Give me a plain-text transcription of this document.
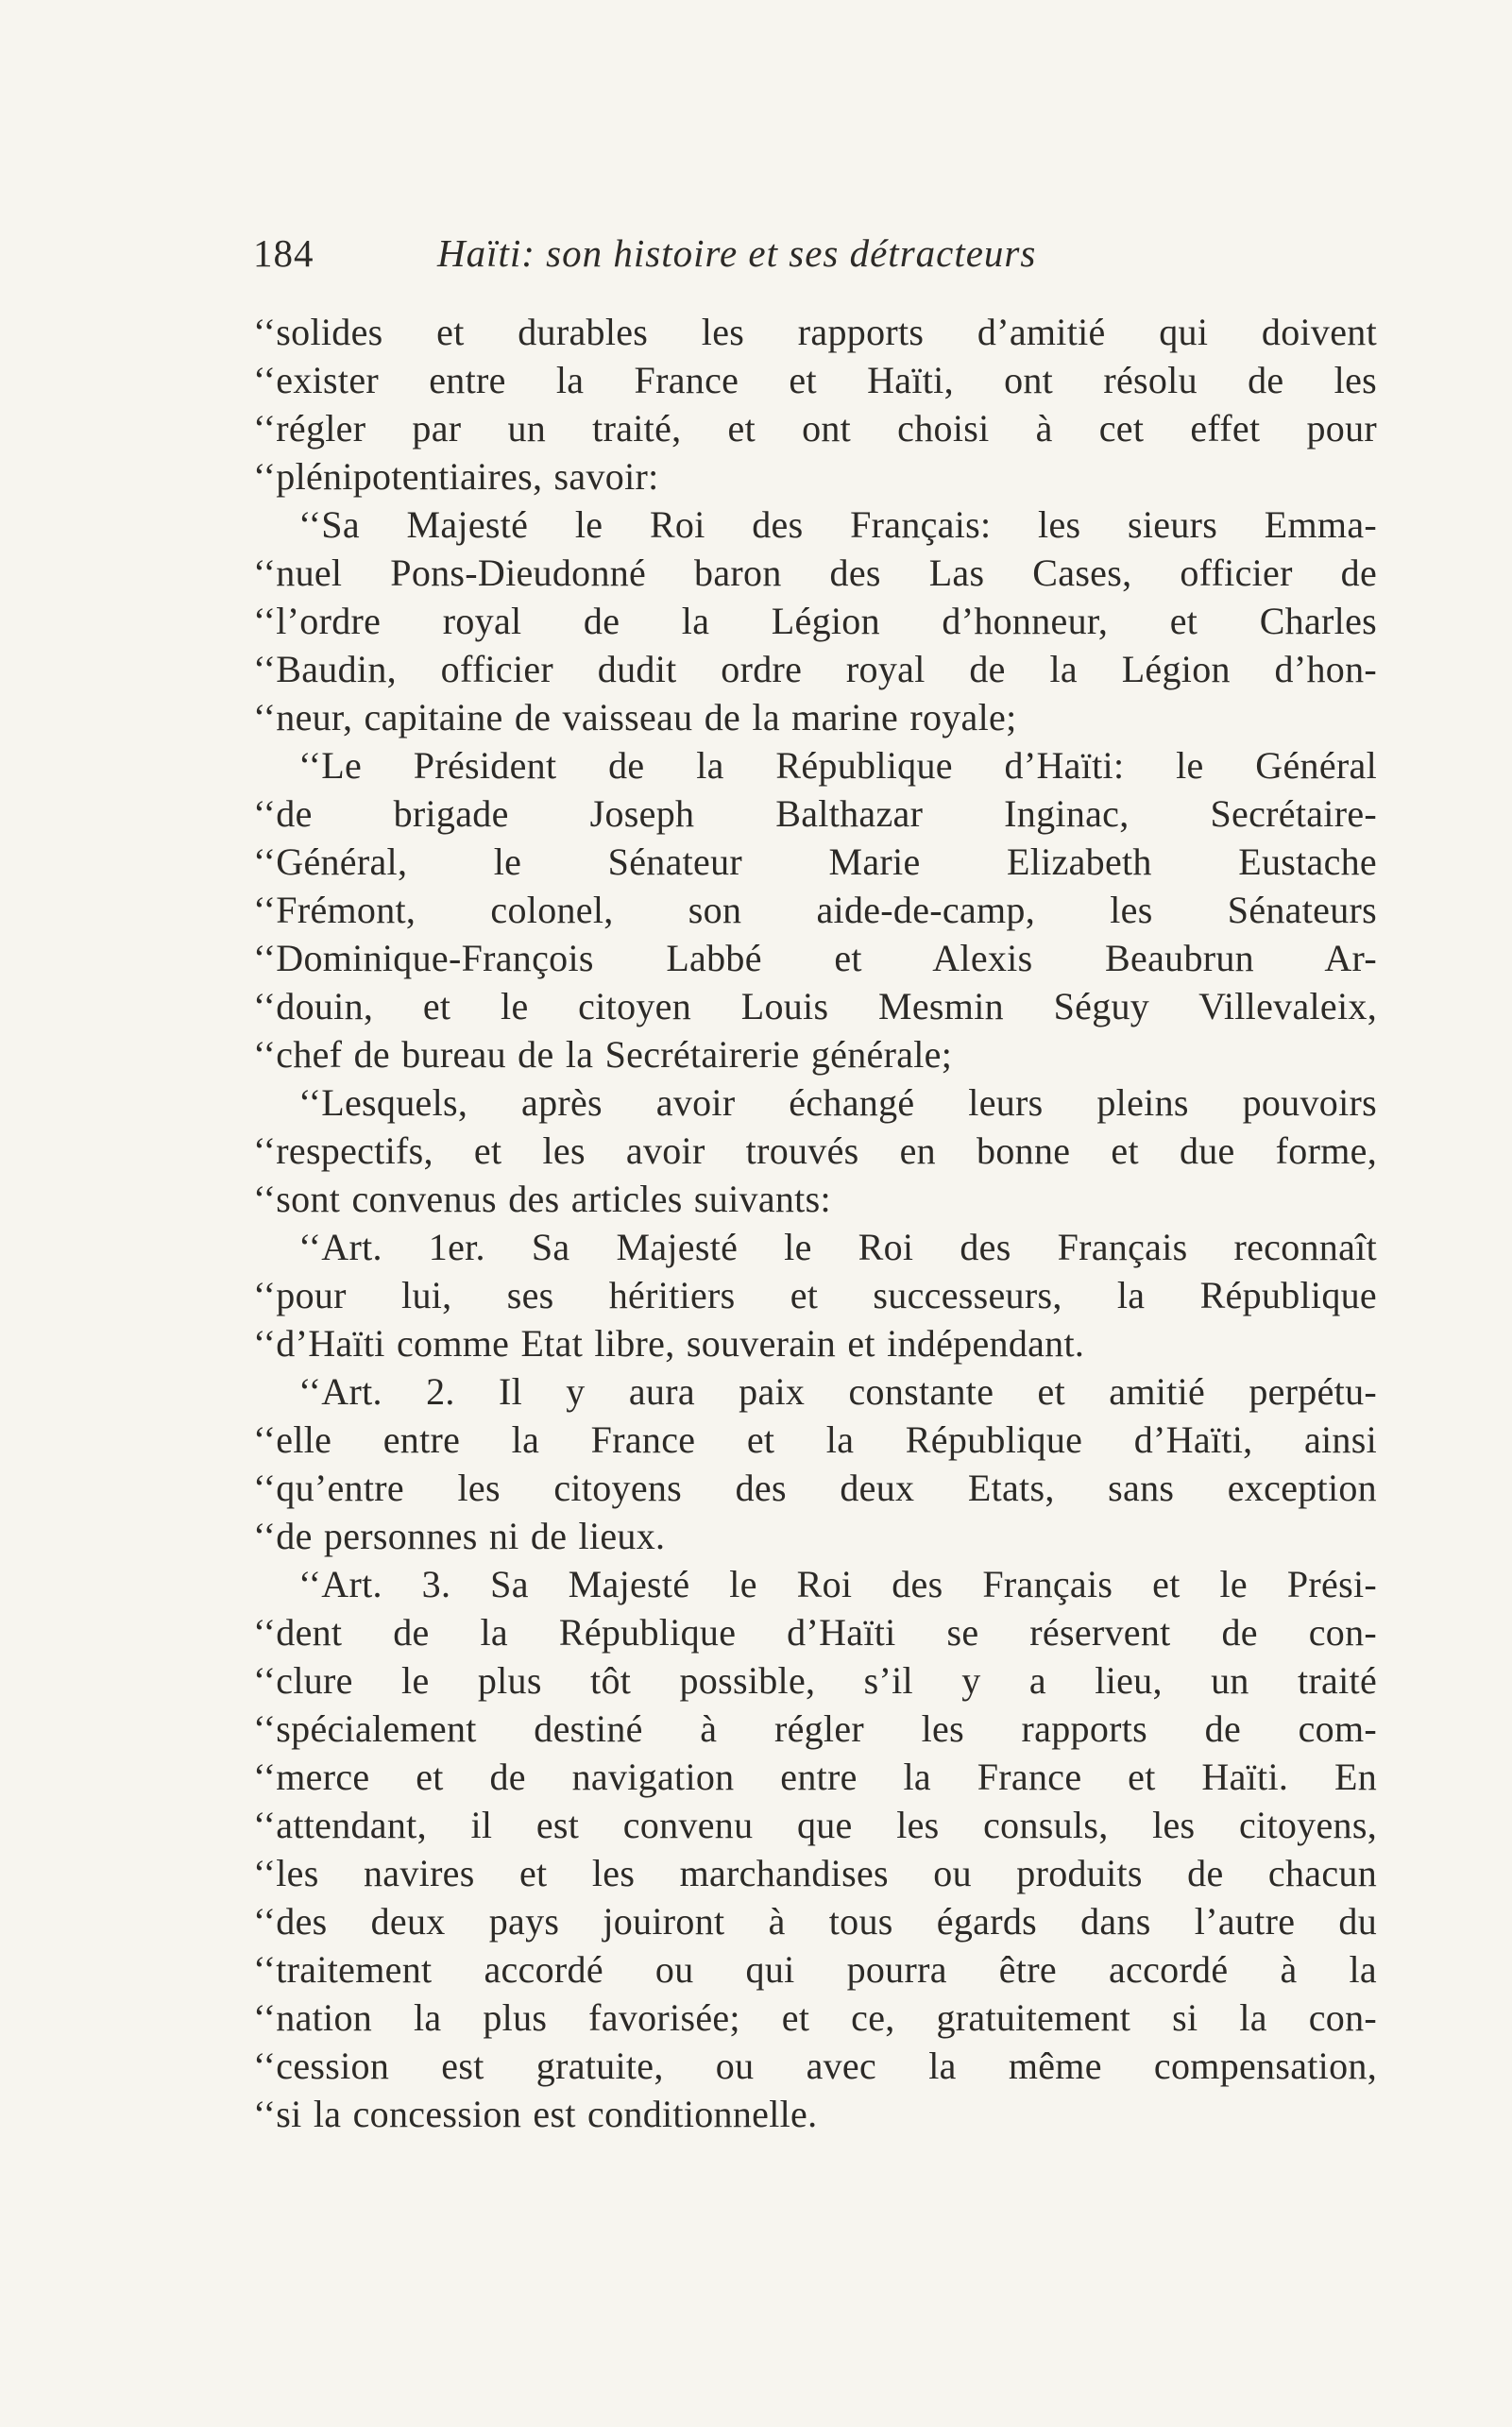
184	Haïti: son histoire et ses détracteurs
‘‘solides et durables les rapports d’amitié qui doivent
‘‘exister entre la France et Haïti, ont résolu de les
‘‘régler par un traité, et ont choisi à cet effet pour
‘‘plénipotentiaires, savoir:
‘‘Sa Majesté le Roi des Français: les sieurs Emma-
‘‘nuel Pons-Dieudonné baron des Las Cases, officier de
‘‘l’ordre royal de la Légion d’honneur, et Charles
‘‘Baudin, officier dudit ordre royal de la Légion d’hon-
‘‘neur, capitaine de vaisseau de la marine royale;
‘‘Le Président de la République d’Haïti: le Général
‘‘de brigade Joseph Balthazar Inginac, Secrétaire-
‘‘Général, le Sénateur Marie Elizabeth Eustache
‘‘Frémont, colonel, son aide-de-camp, les Sénateurs
‘‘Dominique-François Labbé et Alexis Beaubrun Ar-
‘‘douin, et le citoyen Louis Mesmin Séguy Villevaleix,
‘‘chef de bureau de la Secrétairerie générale;
‘‘Lesquels, après avoir échangé leurs pleins pouvoirs
‘‘respectifs, et les avoir trouvés en bonne et due forme,
‘‘sont convenus des articles suivants:
‘‘Art. 1er. Sa Majesté le Roi des Français reconnaît
‘‘pour lui, ses héritiers et successeurs, la République
‘‘d’Haïti comme Etat libre, souverain et indépendant.
‘‘Art. 2. Il y aura paix constante et amitié perpétu-
‘‘elle entre la France et la République d’Haïti, ainsi
‘‘qu’entre les citoyens des deux Etats, sans exception
‘‘de personnes ni de lieux.
‘‘Art. 3. Sa Majesté le Roi des Français et le Prési-
‘‘dent de la République d’Haïti se réservent de con-
‘‘clure le plus tôt possible, s’il y a lieu, un traité
‘‘spécialement destiné à régler les rapports de com-
‘‘merce et de navigation entre la France et Haïti. En
‘‘attendant, il est convenu que les consuls, les citoyens,
‘‘les navires et les marchandises ou produits de chacun
‘‘des deux pays jouiront à tous égards dans l’autre du
‘‘traitement accordé ou qui pourra être accordé à la
‘‘nation la plus favorisée; et ce, gratuitement si la con-
‘‘cession est gratuite, ou avec la même compensation,
‘‘si la concession est conditionnelle.
